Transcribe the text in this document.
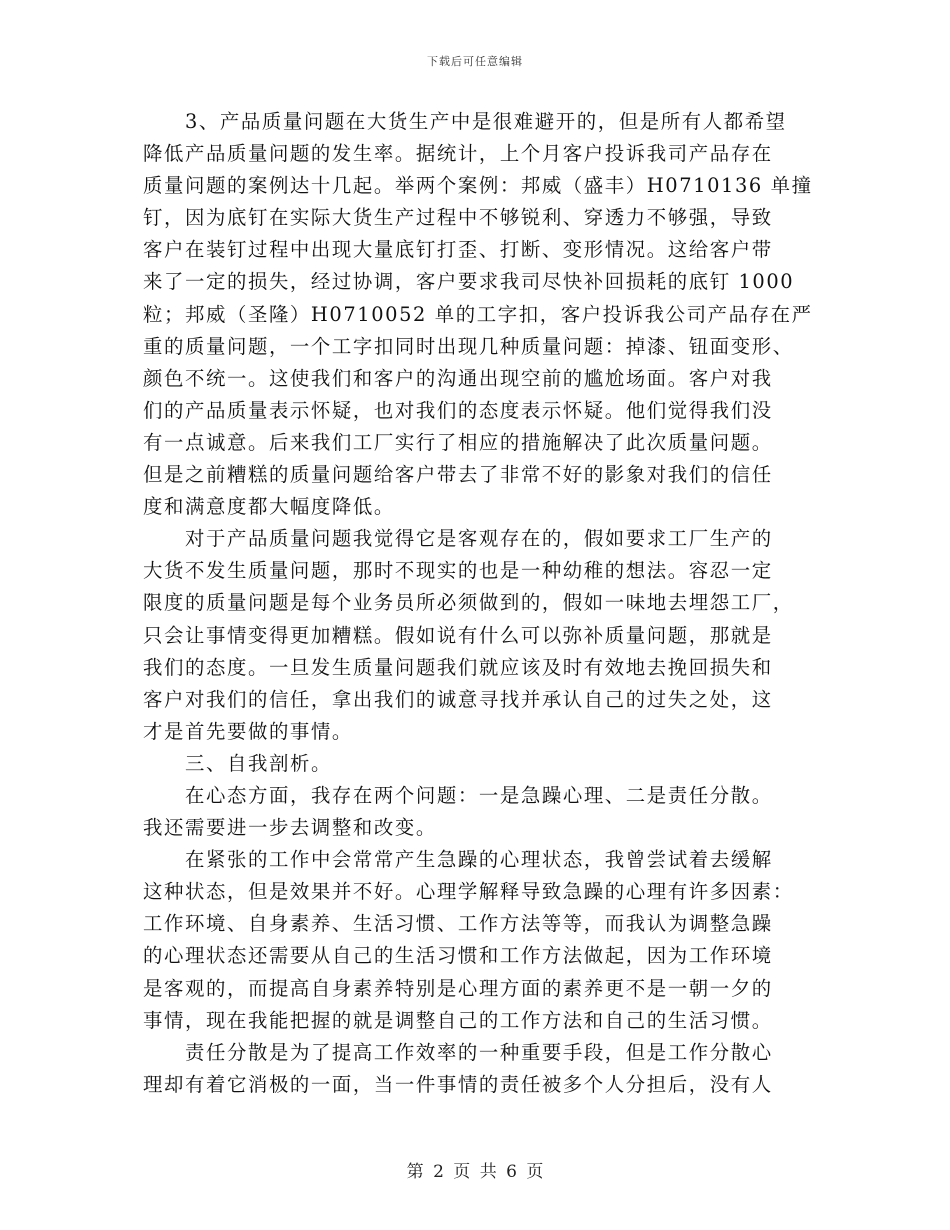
下载后可任意编辑
3、产品质量问题在大货生产中是很难避开的，但是所有人都希望
降低产品质量问题的发生率。据统计，上个月客户投诉我司产品存在
质量问题的案例达十几起。举两个案例：邦威（盛丰）H0710136 单撞
钉，因为底钉在实际大货生产过程中不够锐利、穿透力不够强，导致
客户在装钉过程中出现大量底钉打歪、打断、变形情况。这给客户带
来了一定的损失，经过协调，客户要求我司尽快补回损耗的底钉 1000
粒；邦威（圣隆）H0710052 单的工字扣，客户投诉我公司产品存在严
重的质量问题，一个工字扣同时出现几种质量问题：掉漆、钮面变形、
颜色不统一。这使我们和客户的沟通出现空前的尴尬场面。客户对我
们的产品质量表示怀疑，也对我们的态度表示怀疑。他们觉得我们没
有一点诚意。后来我们工厂实行了相应的措施解决了此次质量问题。
但是之前糟糕的质量问题给客户带去了非常不好的影象对我们的信任
度和满意度都大幅度降低。
对于产品质量问题我觉得它是客观存在的，假如要求工厂生产的
大货不发生质量问题，那时不现实的也是一种幼稚的想法。容忍一定
限度的质量问题是每个业务员所必须做到的，假如一味地去埋怨工厂，
只会让事情变得更加糟糕。假如说有什么可以弥补质量问题，那就是
我们的态度。一旦发生质量问题我们就应该及时有效地去挽回损失和
客户对我们的信任，拿出我们的诚意寻找并承认自己的过失之处，这
才是首先要做的事情。
三、自我剖析。
在心态方面，我存在两个问题：一是急躁心理、二是责任分散。
我还需要进一步去调整和改变。
在紧张的工作中会常常产生急躁的心理状态，我曾尝试着去缓解
这种状态，但是效果并不好。心理学解释导致急躁的心理有许多因素：
工作环境、自身素养、生活习惯、工作方法等等，而我认为调整急躁
的心理状态还需要从自己的生活习惯和工作方法做起，因为工作环境
是客观的，而提高自身素养特别是心理方面的素养更不是一朝一夕的
事情，现在我能把握的就是调整自己的工作方法和自己的生活习惯。
责任分散是为了提高工作效率的一种重要手段，但是工作分散心
理却有着它消极的一面，当一件事情的责任被多个人分担后，没有人
第 2 页 共 6 页
